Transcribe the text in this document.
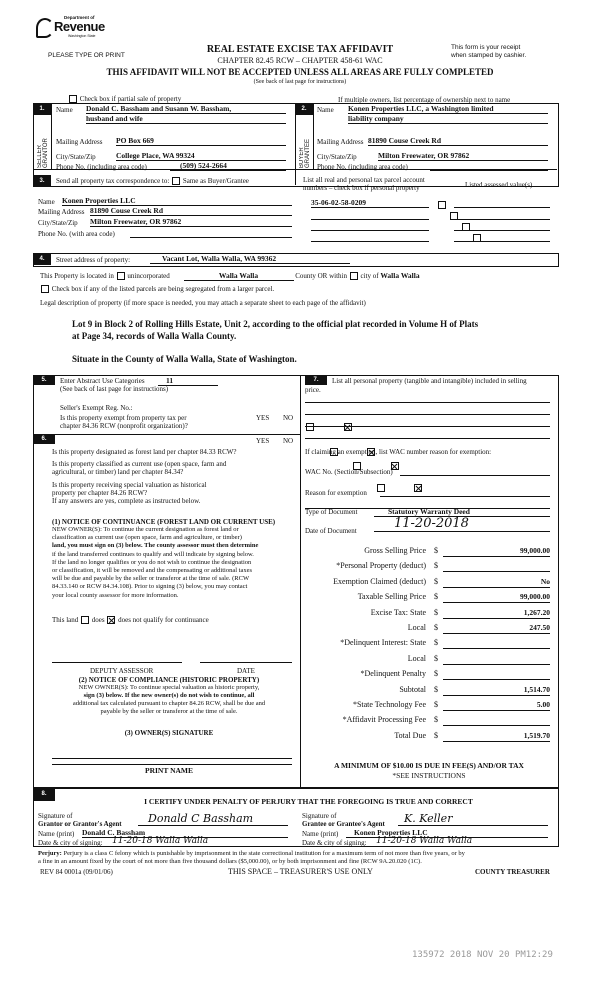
Department of
Revenue
Washington State
PLEASE TYPE OR PRINT
REAL ESTATE EXCISE TAX AFFIDAVIT
CHAPTER 82.45 RCW – CHAPTER 458-61 WAC
This form is your receipt
when stamped by cashier.
THIS AFFIDAVIT WILL NOT BE ACCEPTED UNLESS ALL AREAS ARE FULLY COMPLETED
(See back of last page for instructions)
Check box if partial sale of property	If multiple owners, list percentage of ownership next to name
1.
SELLER GRANTOR
Name Donald C. Bassham and Susann W. Bassham,
husband and wife
Mailing Address PO Box 669
City/State/Zip	College Place, WA 99324
Phone No. (including area code)	(509) 524-2664
2.
BUYER GRANTEE
Name Konen Properties LLC, a Washington limited
liability company
Mailing Address 81890 Couse Creek Rd
City/State/Zip	Milton Freewater, OR 97862
Phone No. (including area code)
3.	Send all property tax correspondence to: Same as Buyer/Grantee
Name Konen Properties LLC
Mailing Address 81890 Couse Creek Rd
City/State/Zip Milton Freewater, OR 97862
Phone No. (with area code)
List all real and personal tax parcel account
numbers – check box if personal property	Listed assessed value(s)
35-06-02-58-0209

4.	Street address of property:	Vacant Lot, Walla Walla, WA 99362
This Property is located in unincorporated	Walla Walla	County OR within city of Walla Walla
Check box if any of the listed parcels are being segregated from a larger parcel.
Legal description of property (if more space is needed, you may attach a separate sheet to each page of the affidavit)
Lot 9 in Block 2 of Rolling Hills Estate, Unit 2, according to the official plat recorded in Volume H of Plats
at Page 34, records of Walla Walla County.
Situate in the County of Walla Walla, State of Washington.
5.	Enter Abstract Use Categories	11
(See back of last page for instructions)
Seller's Exempt Reg. No.:
YES NO
Is this property exempt from property tax per
chapter 84.36 RCW (nonprofit organization)?

6.	YES NO
Is this property designated as forest land per chapter 84.33 RCW?

Is this property classified as current use (open space, farm and
agricultural, or timber) land per chapter 84.34?

Is this property receiving special valuation as historical
property per chapter 84.26 RCW?

If any answers are yes, complete as instructed below.
(1) NOTICE OF CONTINUANCE (FOREST LAND OR CURRENT USE)
NEW OWNER(S): To continue the current designation as forest land or
classification as current use (open space, farm and agriculture, or timber)
land, you must sign on (3) below. The county assessor must then determine
if the land transferred continues to qualify and will indicate by signing below.
If the land no longer qualifies or you do not wish to continue the designation
or classification, it will be removed and the compensating or additional taxes
will be due and payable by the seller or transferor at the time of sale. (RCW
84.33.140 or RCW 84.34.108). Prior to signing (3) below, you may contact
your local county assessor for more information.
This land does does not qualify for continuance
DEPUTY ASSESSOR	DATE
(2) NOTICE OF COMPLIANCE (HISTORIC PROPERTY)
NEW OWNER(S): To continue special valuation as historic property,
sign (3) below. If the new owner(s) do not wish to continue, all
additional tax calculated pursuant to chapter 84.26 RCW, shall be due and
payable by the seller or transferor at the time of sale.
(3) OWNER(S) SIGNATURE
PRINT NAME
7.	List all personal property (tangible and intangible) included in selling
price.
If claiming an exemption, list WAC number reason for exemption:
WAC No. (Section/Subsection)
Reason for exemption
Type of Document	Statutory Warranty Deed
Date of Document	11-20-2018
Gross Selling Price $	99,000.00
*Personal Property (deduct) $
Exemption Claimed (deduct) $	No
Taxable Selling Price $	99,000.00
Excise Tax: State $	1,267.20
Local $	247.50
*Delinquent Interest: State $
Local $
*Delinquent Penalty $
Subtotal $	1,514.70
*State Technology Fee $	5.00
*Affidavit Processing Fee $
Total Due $	1,519.70
A MINIMUM OF $10.00 IS DUE IN FEE(S) AND/OR TAX
*SEE INSTRUCTIONS
8.
I CERTIFY UNDER PENALTY OF PERJURY THAT THE FOREGOING IS TRUE AND CORRECT
Signature of
Grantor or Grantor's Agent	Donald C Bassham
Name (print) Donald C. Bassham
Date & city of signing: 11-20-18 Walla Walla
Signature of
Grantee or Grantee's Agent	K. Keller
Name (print)	Konen Properties LLC
Date & city of signing: 11-20-18 Walla Walla
Perjury: Perjury is a class C felony which is punishable by imprisonment in the state correctional institution for a maximum term of not more than five years, or by
a fine in an amount fixed by the court of not more than five thousand dollars ($5,000.00), or by both imprisonment and fine (RCW 9A.20.020 (1C).
REV 84 0001a (09/01/06)	THIS SPACE – TREASURER'S USE ONLY	COUNTY TREASURER
135972 2018 NOV 20 PM12:29
